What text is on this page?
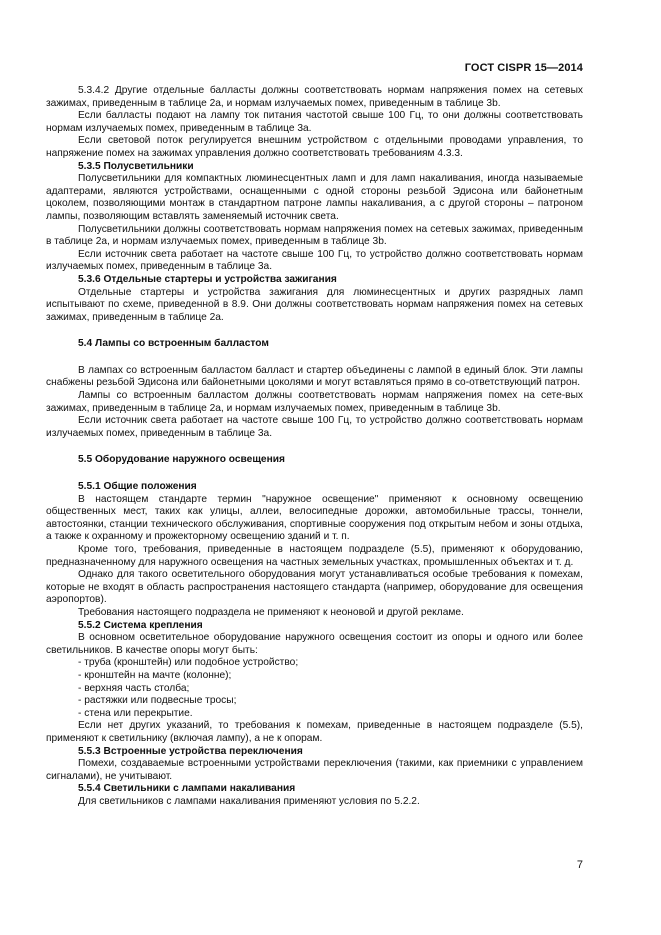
ГОСТ CISPR 15—2014

5.3.4.2 Другие отдельные балласты должны соответствовать нормам напряжения помех на сетевых зажимах, приведенным в таблице 2а, и нормам излучаемых помех, приведенным в таблице 3b.

Если балласты подают на лампу ток питания частотой свыше 100 Гц, то они должны соответствовать нормам излучаемых помех, приведенным в таблице 3а.

Если световой поток регулируется внешним устройством с отдельными проводами управления, то напряжение помех на зажимах управления должно соответствовать требованиям 4.3.3.

5.3.5 Полусветильники

Полусветильники для компактных люминесцентных ламп и для ламп накаливания, иногда называемые адаптерами, являются устройствами, оснащенными с одной стороны резьбой Эдисона или байонетным цоколем, позволяющими монтаж в стандартном патроне лампы накаливания, а с другой стороны – патроном лампы, позволяющим вставлять заменяемый источник света.

Полусветильники должны соответствовать нормам напряжения помех на сетевых зажимах, приведенным в таблице 2а, и нормам излучаемых помех, приведенным в таблице 3b.

Если источник света работает на частоте свыше 100 Гц, то устройство должно соответствовать нормам излучаемых помех, приведенным в таблице 3а.

5.3.6 Отдельные стартеры и устройства зажигания

Отдельные стартеры и устройства зажигания для люминесцентных и других разрядных ламп испытывают по схеме, приведенной в 8.9. Они должны соответствовать нормам напряжения помех на сетевых зажимах, приведенным в таблице 2а.

5.4 Лампы со встроенным балластом

В лампах со встроенным балластом балласт и стартер объединены с лампой в единый блок. Эти лампы снабжены резьбой Эдисона или байонетными цоколями и могут вставляться прямо в со-ответствующий патрон.

Лампы со встроенным балластом должны соответствовать нормам напряжения помех на сете-вых зажимах, приведенным в таблице 2а, и нормам излучаемых помех, приведенным в таблице 3b.

Если источник света работает на частоте свыше 100 Гц, то устройство должно соответствовать нормам излучаемых помех, приведенным в таблице 3а.

5.5 Оборудование наружного освещения

5.5.1 Общие положения

В настоящем стандарте термин "наружное освещение" применяют к основному освещению общественных мест, таких как улицы, аллеи, велосипедные дорожки, автомобильные трассы, тоннели, автостоянки, станции технического обслуживания, спортивные сооружения под открытым небом и зоны отдыха, а также к охранному и прожекторному освещению зданий и т. п.

Кроме того, требования, приведенные в настоящем подразделе (5.5), применяют к оборудованию, предназначенному для наружного освещения на частных земельных участках, промышленных объектах и т. д.

Однако для такого осветительного оборудования могут устанавливаться особые требования к помехам, которые не входят в область распространения настоящего стандарта (например, оборудование для освещения аэропортов).

Требования настоящего подраздела не применяют к неоновой и другой рекламе.

5.5.2 Система крепления

В основном осветительное оборудование наружного освещения состоит из опоры и одного или более светильников. В качестве опоры могут быть:

- труба (кронштейн) или подобное устройство;

- кронштейн на мачте (колонне);

- верхняя часть столба;

- растяжки или подвесные тросы;

- стена или перекрытие.

Если нет других указаний, то требования к помехам, приведенные в настоящем подразделе (5.5), применяют к светильнику (включая лампу), а не к опорам.

5.5.3 Встроенные устройства переключения

Помехи, создаваемые встроенными устройствами переключения (такими, как приемники с управлением сигналами), не учитывают.

5.5.4 Светильники с лампами накаливания

Для светильников с лампами накаливания применяют условия по 5.2.2.

7
